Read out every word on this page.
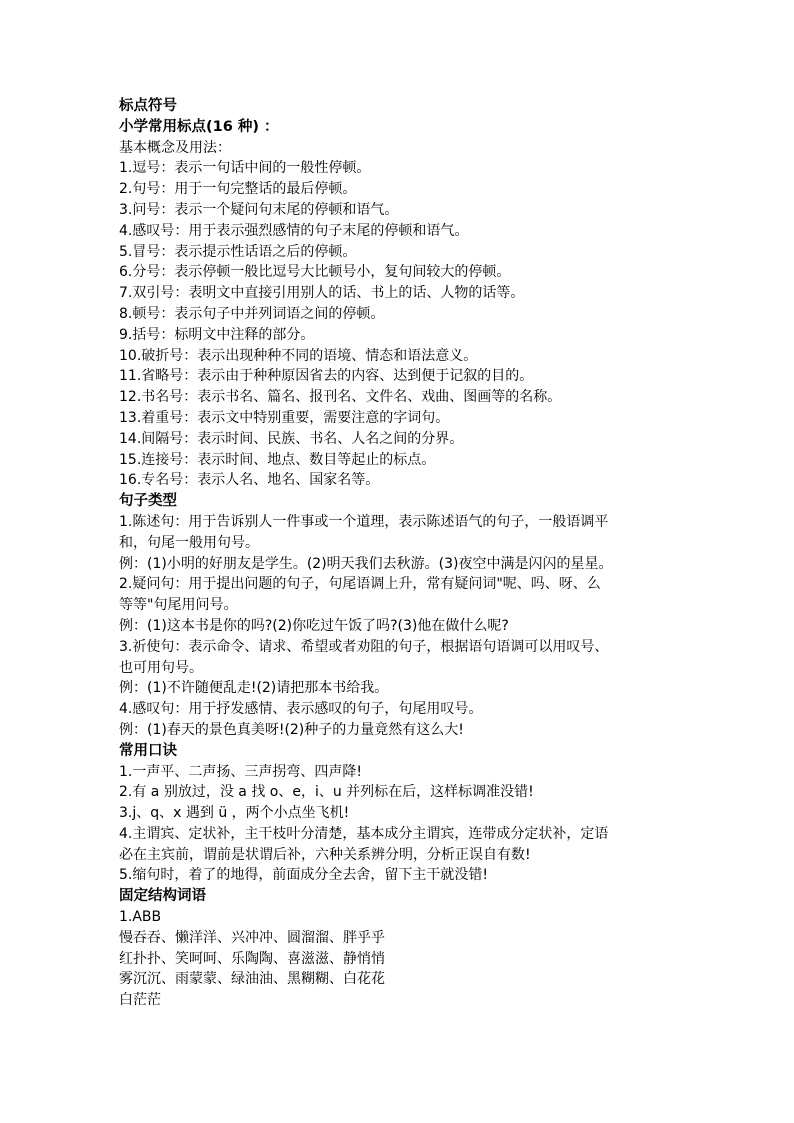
标点符号

小学常用标点(16 种) ：

基本概念及用法：

1.逗号：表示一句话中间的一般性停顿。

2.句号：用于一句完整话的最后停顿。

3.问号：表示一个疑问句末尾的停顿和语气。

4.感叹号：用于表示强烈感情的句子末尾的停顿和语气。

5.冒号：表示提示性话语之后的停顿。

6.分号：表示停顿一般比逗号大比顿号小，复句间较大的停顿。

7.双引号：表明文中直接引用别人的话、书上的话、人物的话等。

8.顿号：表示句子中并列词语之间的停顿。

9.括号：标明文中注释的部分。

10.破折号：表示出现种种不同的语境、情态和语法意义。

11.省略号：表示由于种种原因省去的内容、达到便于记叙的目的。

12.书名号：表示书名、篇名、报刊名、文件名、戏曲、图画等的名称。

13.着重号：表示文中特别重要，需要注意的字词句。

14.间隔号：表示时间、民族、书名、人名之间的分界。

15.连接号：表示时间、地点、数目等起止的标点。

16.专名号：表示人名、地名、国家名等。

句子类型

1.陈述句：用于告诉别人一件事或一个道理，表示陈述语气的句子，一般语调平

和，句尾一般用句号。

例：(1)小明的好朋友是学生。(2)明天我们去秋游。(3)夜空中满是闪闪的星星。

2.疑问句：用于提出问题的句子，句尾语调上升，常有疑问词"呢、吗、呀、么

等等"句尾用问号。

例：(1)这本书是你的吗?(2)你吃过午饭了吗?(3)他在做什么呢?

3.祈使句：表示命令、请求、希望或者劝阻的句子，根据语句语调可以用叹号、

也可用句号。

例：(1)不许随便乱走!(2)请把那本书给我。

4.感叹句：用于抒发感情、表示感叹的句子，句尾用叹号。

例：(1)春天的景色真美呀!(2)种子的力量竟然有这么大!

常用口诀

1.一声平、二声扬、三声拐弯、四声降!

2.有 a 别放过，没 a 找 o、e，i、u 并列标在后，这样标调准没错!

3.j、q、x 遇到 ü ，两个小点坐飞机!

4.主谓宾、定状补，主干枝叶分清楚，基本成分主谓宾，连带成分定状补，定语

必在主宾前，谓前是状谓后补，六种关系辨分明，分析正误自有数!

5.缩句时，着了的地得，前面成分全去舍，留下主干就没错!

固定结构词语

1.ABB

慢吞吞、懒洋洋、兴冲冲、圆溜溜、胖乎乎

红扑扑、笑呵呵、乐陶陶、喜滋滋、静悄悄

雾沉沉、雨蒙蒙、绿油油、黑糊糊、白花花

白茫茫
